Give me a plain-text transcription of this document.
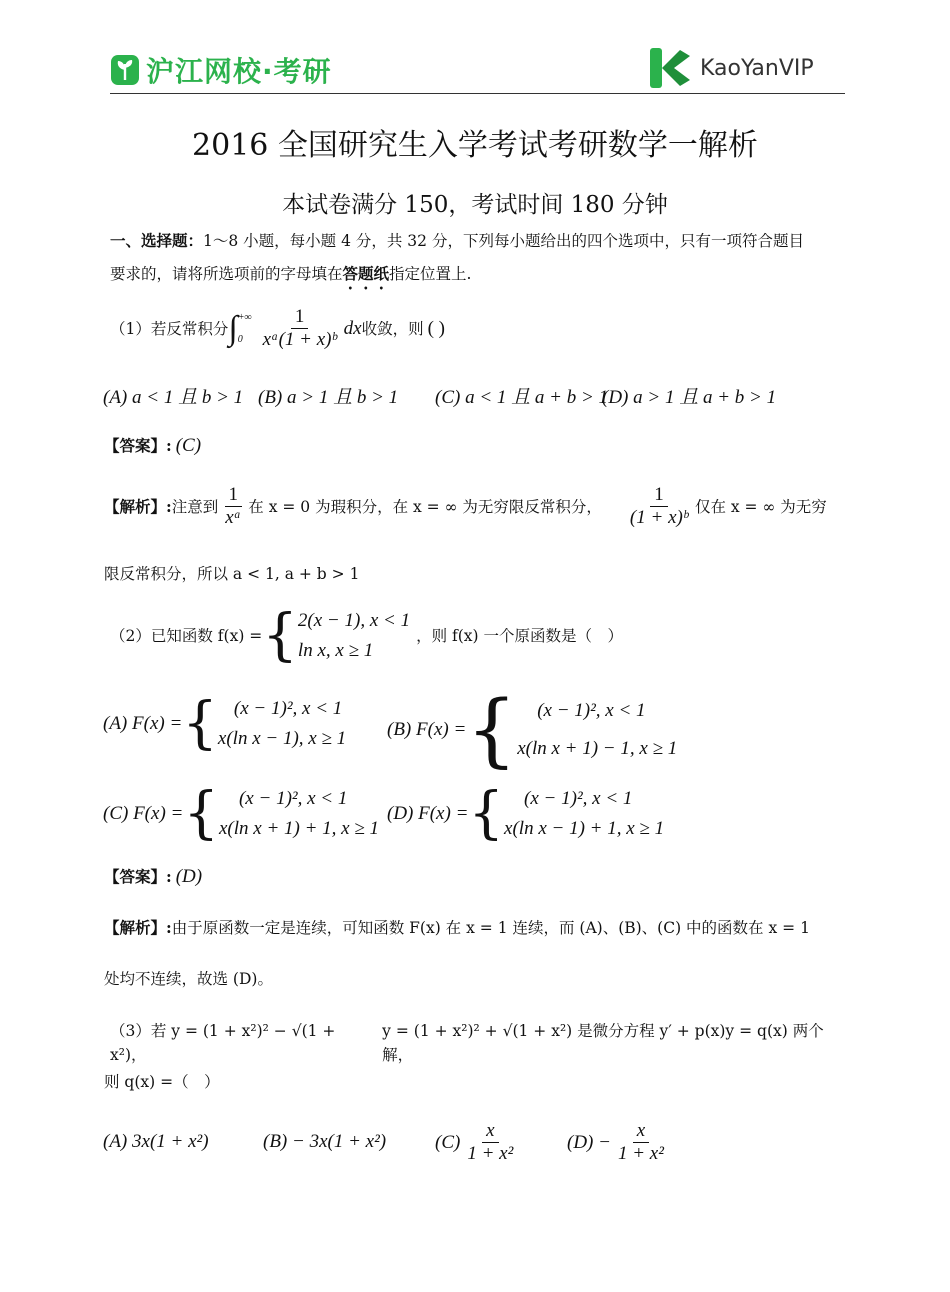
沪江网校·考研	KaoYanVIP
2016 全国研究生入学考试考研数学一解析
本试卷满分 150，考试时间 180 分钟
一、选择题：1～8 小题，每小题 4 分，共 32 分，下列每小题给出的四个选项中，只有一项符合题目
要求的，请将所选项前的字母填在答题纸指定位置上.
（1）若反常积分 ∫ +∞
$0 \frac{1}{\text{xᵃ(1 + x)ᵇ}}$ dx 收敛，则 ( )
(A) a < 1 且 b > 1 (B) a > 1 且 b > 1 (C) a < 1 且 a + b > 1
(D) a > 1 且 a + b > 1
【答案】: (C)
【解析】: 注意到 $\frac{1}{\text{xᵃ}}$ 在 x = 0 为瑕积分，在 x = ∞ 为无穷限反常积分， $\frac{1}{\text{(1 + x)ᵇ}}$ 仅在 x = ∞ 为无穷
限反常积分，所以 a < 1, a + b > 1
（2）已知函数 f(x) = { 2(x − 1), x < 1
ln x, x ≥ 1
，则 f(x) 一个原函数是（　）
(A) F(x) = { (x − 1)², x < 1
x(ln x − 1), x ≥ 1 (B) F(x) = {	(x − 1)², x < 1
x(ln x + 1) − 1, x ≥ 1
(C) F(x) = {	(x − 1)², x < 1
x(ln x + 1) + 1, x ≥ 1
(D) F(x) = {	(x − 1)², x < 1
x(ln x − 1) + 1, x ≥ 1
【答案】: (D)
【解析】: 由于原函数一定是连续，可知函数 F(x) 在 x = 1 连续，而 (A)、(B)、(C) 中的函数在 x = 1
处均不连续，故选 (D)。
（3）若 y = (1 + x²)² − √(1 + x²)，
y = (1 + x²)² + √(1 + x²) 是微分方程 y′ + p(x)y = q(x) 两个解，
则 q(x) =（　）
(A) 3x(1 + x²)	(B) − 3x(1 + x²)	$(C) \frac{x}{\text{1 + x²}}$	$(D) - \frac{x}{\text{1 + x²}}$
